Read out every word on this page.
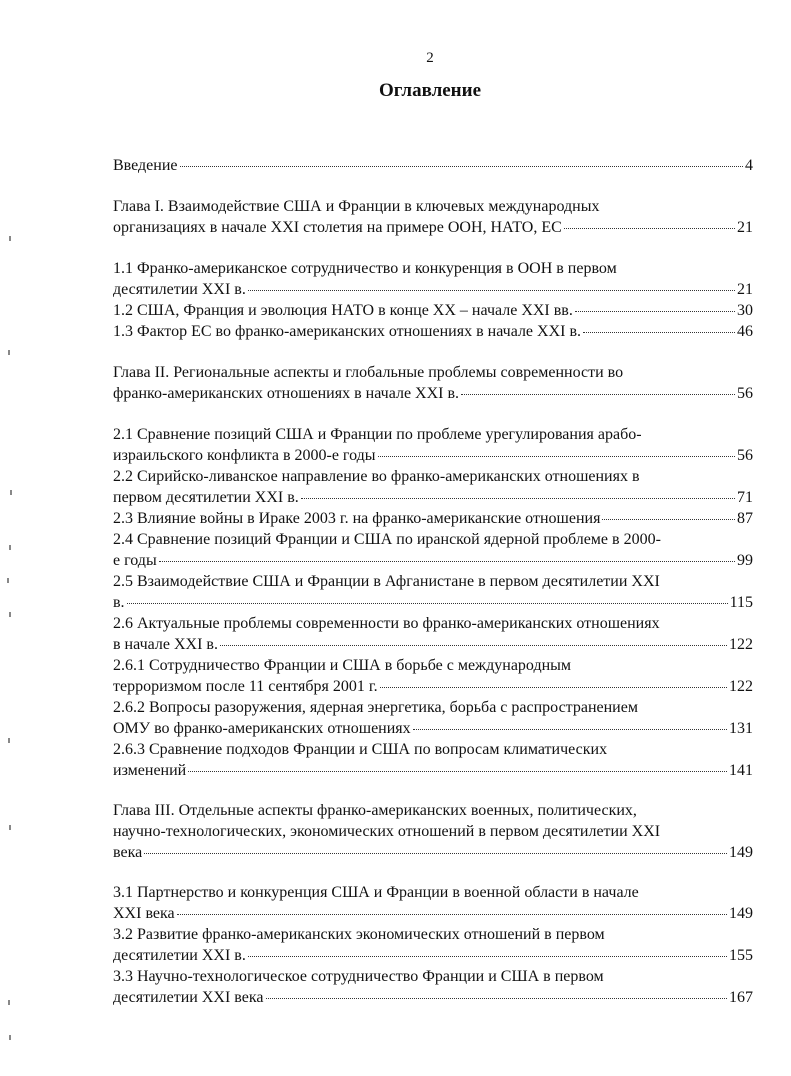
2
Оглавление
Введение	4
Глава I. Взаимодействие США и Франции в ключевых международных
организациях в начале XXI столетия на примере ООН, НАТО, ЕС	21
1.1 Франко-американское сотрудничество и конкуренция в ООН в первом
десятилетии XXI в.	21
1.2 США, Франция и эволюция НАТО в конце XX – начале XXI вв.	30
1.3 Фактор ЕС во франко-американских отношениях в начале XXI в.	46
Глава II. Региональные аспекты и глобальные проблемы современности во
франко-американских отношениях в начале XXI в.	56
2.1 Сравнение позиций США и Франции по проблеме урегулирования арабо-
израильского конфликта в 2000-е годы	56
2.2 Сирийско-ливанское направление во франко-американских отношениях в
первом десятилетии XXI в.	71
2.3 Влияние войны в Ираке 2003 г. на франко-американские отношения	87
2.4 Сравнение позиций Франции и США по иранской ядерной проблеме в 2000-
е годы	99
2.5 Взаимодействие США и Франции в Афганистане в первом десятилетии XXI
в.	115
2.6 Актуальные проблемы современности во франко-американских отношениях
в начале XXI в.	122
2.6.1 Сотрудничество Франции и США в борьбе с международным
терроризмом после 11 сентября 2001 г.	122
2.6.2 Вопросы разоружения, ядерная энергетика, борьба с распространением
ОМУ во франко-американских отношениях	131
2.6.3 Сравнение подходов Франции и США по вопросам климатических
изменений	141
Глава III. Отдельные аспекты франко-американских военных, политических,
научно-технологических, экономических отношений в первом десятилетии XXI
века	149
3.1 Партнерство и конкуренция США и Франции в военной области в начале
XXI века	149
3.2 Развитие франко-американских экономических отношений в первом
десятилетии XXI в.	155
3.3 Научно-технологическое сотрудничество Франции и США в первом
десятилетии XXI века	167
